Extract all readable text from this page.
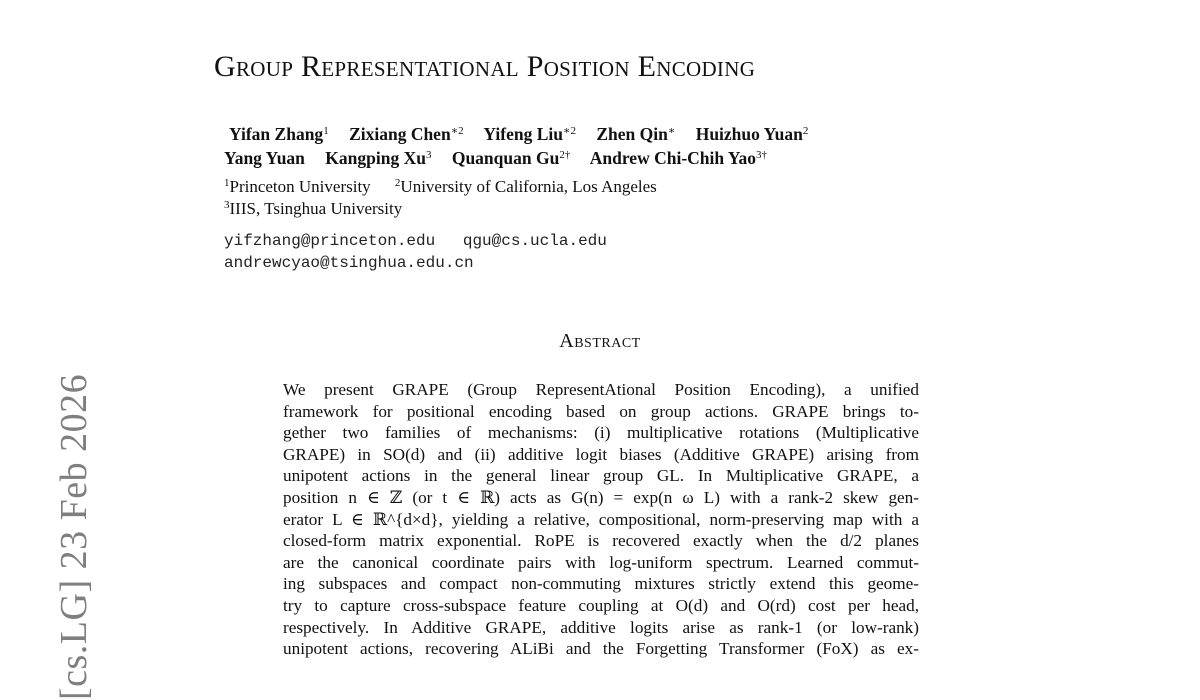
[cs.LG] 23 Feb 2026
Group Representational Position Encoding
Yifan Zhang$^1$ Zixiang Chen$^{∗2}$ Yifeng Liu$^{∗2}$ Zhen Qin∗ Huizhuo Yuan$^2$
Yang Yuan Kangping Xu$^3$ Quanquan $Gu^{2\dagger}$ Andrew Chi-Chih Yao$^{3\dagger}$
$^1$Princeton University $^2$University of California, Los Angeles
$^3$IIIS, Tsinghua University
yifzhang@princeton.edu qgu@cs.ucla.edu
andrewcyao@tsinghua.edu.cn
Abstract
We present GRAPE (Group RepresentAtional Position Encoding), a unified
framework for positional encoding based on group actions. GRAPE brings to-
gether two families of mechanisms: (i) multiplicative rotations (Multiplicative
GRAPE) in SO(d) and (ii) additive logit biases (Additive GRAPE) arising from
unipotent actions in the general linear group GL. In Multiplicative GRAPE, a
position n ∈ ℤ (or t ∈ ℝ) acts as G(n) = exp(n ω L) with a rank-2 skew gen-
erator L ∈ ℝ^{d×d}, yielding a relative, compositional, norm-preserving map with a
closed-form matrix exponential. RoPE is recovered exactly when the d/2 planes
are the canonical coordinate pairs with log-uniform spectrum. Learned commut-
ing subspaces and compact non-commuting mixtures strictly extend this geome-
try to capture cross-subspace feature coupling at O(d) and O(rd) cost per head,
respectively. In Additive GRAPE, additive logits arise as rank-1 (or low-rank)
unipotent actions, recovering ALiBi and the Forgetting Transformer (FoX) as ex-
